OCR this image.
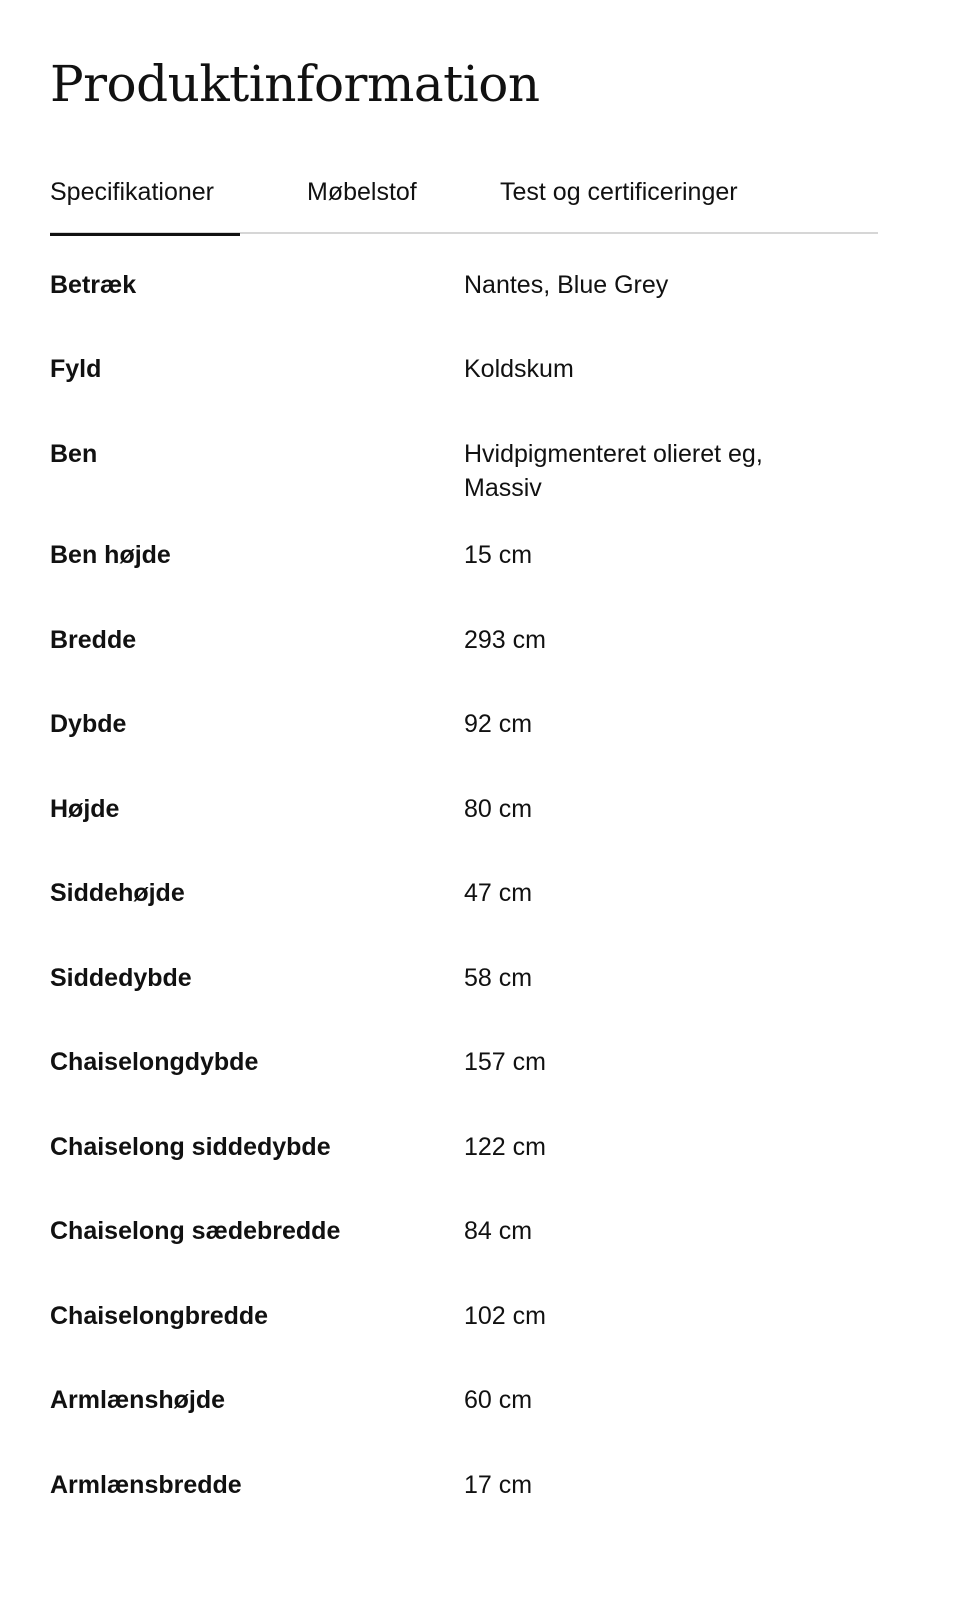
Produktinformation
Specifikationer	Møbelstof	Test og certificeringer
Betræk	Nantes, Blue Grey
Fyld	Koldskum
Ben	Hvidpigmenteret olieret eg, Massiv
Ben højde	15 cm
Bredde	293 cm
Dybde	92 cm
Højde	80 cm
Siddehøjde	47 cm
Siddedybde	58 cm
Chaiselongdybde	157 cm
Chaiselong siddedybde	122 cm
Chaiselong sædebredde	84 cm
Chaiselongbredde	102 cm
Armlænshøjde	60 cm
Armlænsbredde	17 cm
